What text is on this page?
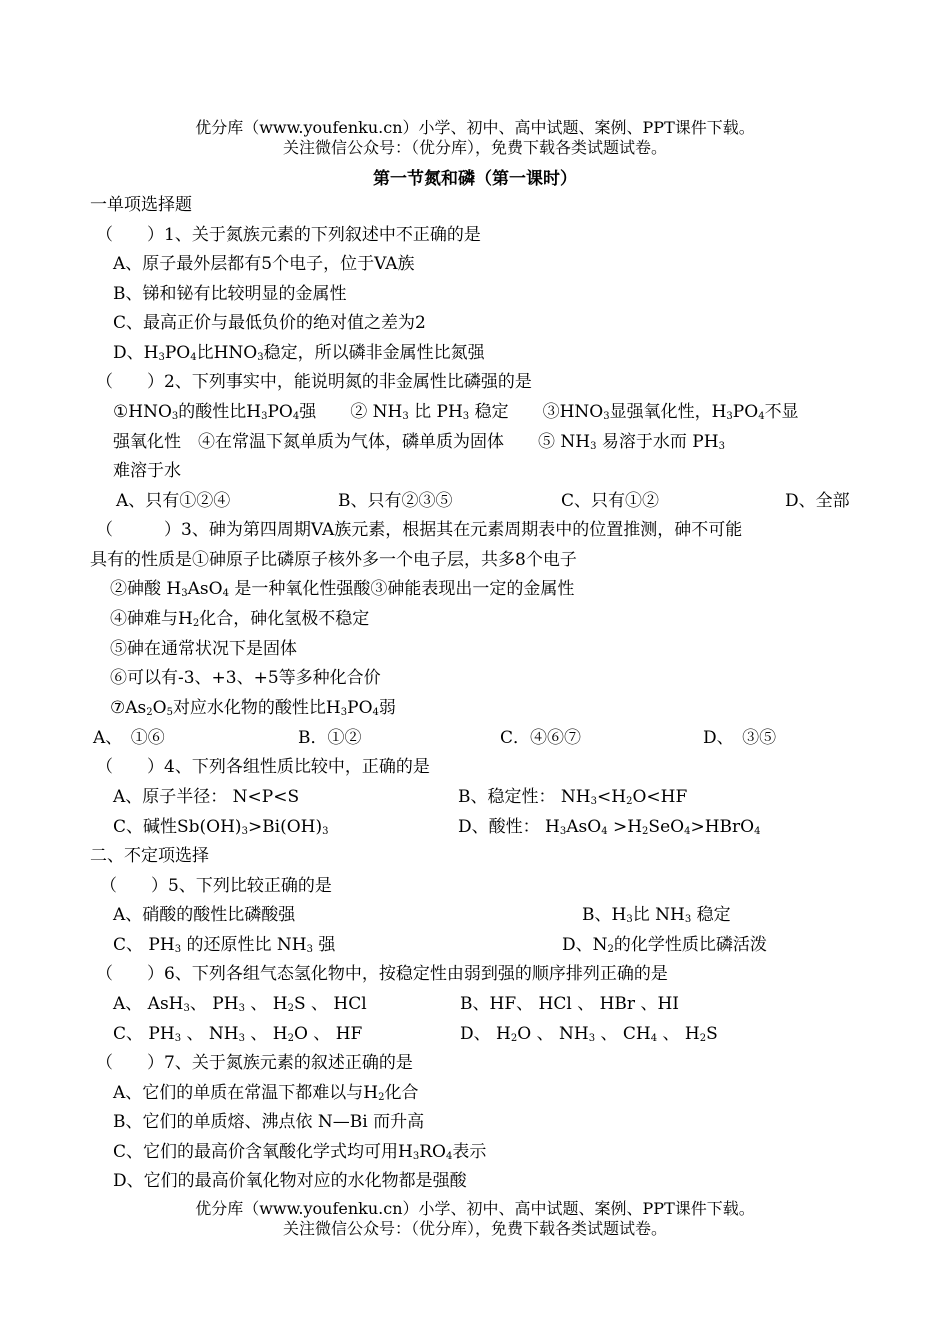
优分库（www.youfenku.cn）小学、初中、高中试题、案例、PPT课件下载。
关注微信公众号：（优分库），免费下载各类试题试卷。
第一节氮和磷（第一课时）
一单项选择题
（　　）1、关于氮族元素的下列叙述中不正确的是
A、原子最外层都有5个电子，位于VA族
B、锑和铋有比较明显的金属性
C、最高正价与最低负价的绝对值之差为2
D、$H_3PO_4$比$HNO_3$稳定，所以磷非金属性比氮强
（　　）2、下列事实中，能说明氮的非金属性比磷强的是
$①HNO_3$的酸性比$H_3PO_4$强　　② $NH_3$ 比 $PH_3$ 稳定　　$③HNO_3$显强氧化性，$H_3PO_4$不显
强氧化性　④在常温下氮单质为气体，磷单质为固体　　⑤ $NH_3$ 易溶于水而 $PH_3$
难溶于水
A、只有①②④	B、只有②③⑤	C、只有①②	D、全部
（　　　）3、砷为第四周期VA族元素，根据其在元素周期表中的位置推测，砷不可能
具有的性质是①砷原子比磷原子核外多一个电子层，共多8个电子
②砷酸 $H_3AsO_4$ 是一种氧化性强酸③砷能表现出一定的金属性
④砷难与$H_2$化合，砷化氢极不稳定
⑤砷在通常状况下是固体
⑥可以有-3、+3、+5等多种化合价
$⑦As_2O_5$对应水化物的酸性比$H_3PO_4$弱
A、　①⑥	B．①②	C．④⑥⑦	D、　③⑤
（　　）4、下列各组性质比较中，正确的是
A、原子半径： N<P<S	B、稳定性： $NH_3<H_2O<HF$
C、碱性$Sb(OH)_3>Bi(OH)_3$	D、酸性： $H_3AsO_4$ $>H_2SeO_4>HBrO_4$
二、不定项选择
（　　）5、下列比较正确的是
A、硝酸的酸性比磷酸强	B、$H_3$比 $NH_3$ 稳定
C、 $PH_3$ 的还原性比 $NH_3$ 强	D、$N_2$的化学性质比磷活泼
（　　）6、下列各组气态氢化物中，按稳定性由弱到强的顺序排列正确的是
A、 AsH$_3$、 $PH_3$ 、 $H_2S$ 、 HCl	B、HF、 HCl 、 HBr 、HI
C、 $PH_3$ 、 $NH_3$ 、 $H_2O$ 、 HF	D、 $H_2O$ 、 $NH_3$ 、 $CH_4$ 、 $H_2S$
（　　）7、关于氮族元素的叙述正确的是
A、它们的单质在常温下都难以与$H_2$化合
B、它们的单质熔、沸点依 N—Bi 而升高
C、它们的最高价含氧酸化学式均可用$H_3RO_4$表示
D、它们的最高价氧化物对应的水化物都是强酸
优分库（www.youfenku.cn）小学、初中、高中试题、案例、PPT课件下载。
关注微信公众号：（优分库），免费下载各类试题试卷。
